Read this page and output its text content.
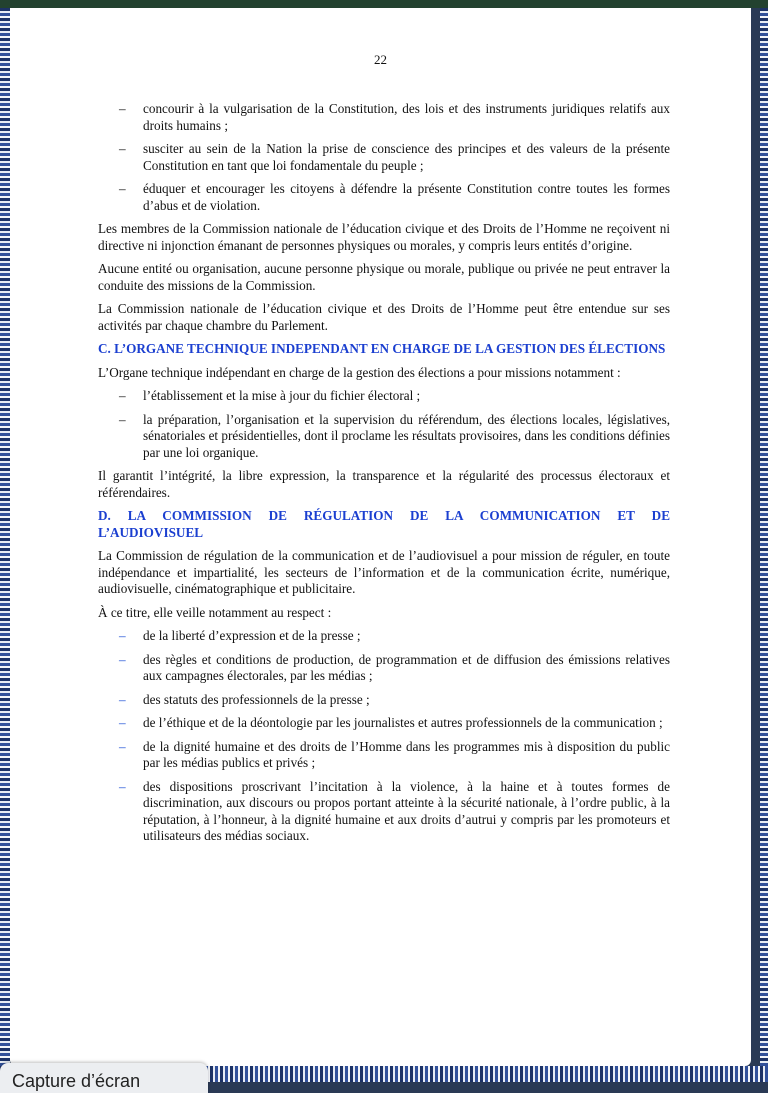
22
– concourir à la vulgarisation de la Constitution, des lois et des instruments juridiques relatifs aux droits humains ;
– susciter au sein de la Nation la prise de conscience des principes et des valeurs de la présente Constitution en tant que loi fondamentale du peuple ;
– éduquer et encourager les citoyens à défendre la présente Constitution contre toutes les formes d’abus et de violation.

Les membres de la Commission nationale de l’éducation civique et des Droits de l’Homme ne reçoivent ni directive ni injonction émanant de personnes physiques ou morales, y compris leurs entités d’origine.

Aucune entité ou organisation, aucune personne physique ou morale, publique ou privée ne peut entraver la conduite des missions de la Commission.

La Commission nationale de l’éducation civique et des Droits de l’Homme peut être entendue sur ses activités par chaque chambre du Parlement.

C. L’ORGANE TECHNIQUE INDEPENDANT EN CHARGE DE LA GESTION DES ÉLECTIONS

L’Organe technique indépendant en charge de la gestion des élections a pour missions notamment :

– l’établissement et la mise à jour du fichier électoral ;
– la préparation, l’organisation et la supervision du référendum, des élections locales, législatives, sénatoriales et présidentielles, dont il proclame les résultats provisoires, dans les conditions définies par une loi organique.

Il garantit l’intégrité, la libre expression, la transparence et la régularité des processus électoraux et référendaires.

D. LA COMMISSION DE RÉGULATION DE LA COMMUNICATION ET DE L’AUDIOVISUEL

La Commission de régulation de la communication et de l’audiovisuel a pour mission de réguler, en toute indépendance et impartialité, les secteurs de l’information et de la communication écrite, numérique, audiovisuelle, cinématographique et publicitaire.

À ce titre, elle veille notamment au respect :

– de la liberté d’expression et de la presse ;
– des règles et conditions de production, de programmation et de diffusion des émissions relatives aux campagnes électorales, par les médias ;
– des statuts des professionnels de la presse ;
– de l’éthique et de la déontologie par les journalistes et autres professionnels de la communication ;
– de la dignité humaine et des droits de l’Homme dans les programmes mis à disposition du public par les médias publics et privés ;
– des dispositions proscrivant l’incitation à la violence, à la haine et à toutes formes de discrimination, aux discours ou propos portant atteinte à la sécurité nationale, à l’ordre public, à la réputation, à l’honneur, à la dignité humaine et aux droits d’autrui y compris par les promoteurs et utilisateurs des médias sociaux.
Capture d’écran
